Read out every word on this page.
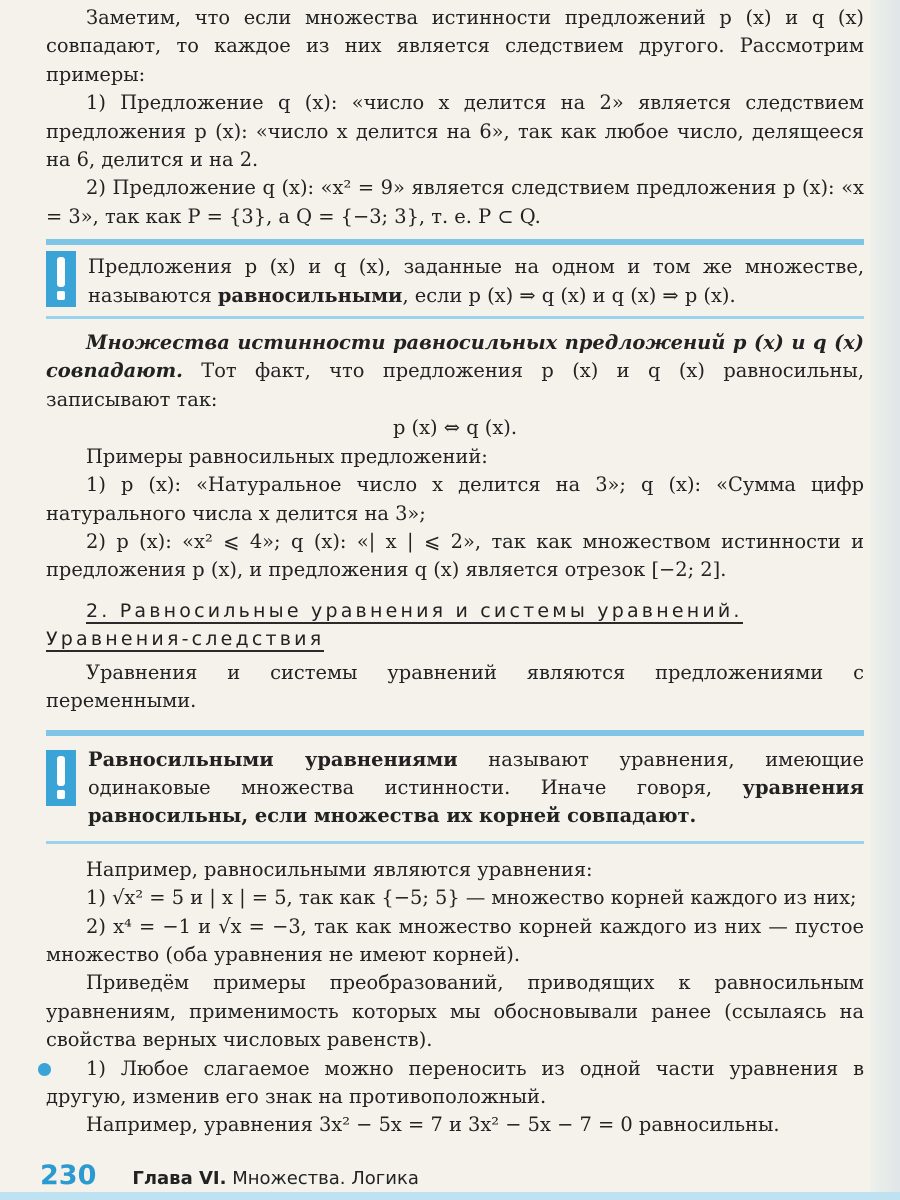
Заметим, что если множества истинности предложений p (x) и q (x) совпадают, то каждое из них является следствием другого. Рассмотрим примеры:

1) Предложение q (x): «число x делится на 2» является следствием предложения p (x): «число x делится на 6», так как любое число, делящееся на 6, делится и на 2.

2) Предложение q (x): «x² = 9» является следствием предложения p (x): «x = 3», так как P = {3}, а Q = {−3; 3}, т. е. P ⊂ Q.

Предложения p (x) и q (x), заданные на одном и том же множестве, называются равносильными, если p (x) ⇒ q (x) и q (x) ⇒ p (x).

Множества истинности равносильных предложений p (x) и q (x) совпадают. Тот факт, что предложения p (x) и q (x) равносильны, записывают так:

p (x) ⇔ q (x).

Примеры равносильных предложений:

1) p (x): «Натуральное число x делится на 3»; q (x): «Сумма цифр натурального числа x делится на 3»;

2) p (x): «x² ⩽ 4»; q (x): «| x | ⩽ 2», так как множеством истинности и предложения p (x), и предложения q (x) является отрезок [−2; 2].

2. Равносильные уравнения и системы уравнений.
Уравнения-следствия

Уравнения и системы уравнений являются предложениями с переменными.

Равносильными уравнениями называют уравнения, имеющие одинаковые множества истинности. Иначе говоря, уравнения равносильны, если множества их корней совпадают.

Например, равносильными являются уравнения:

1) √x² = 5 и | x | = 5, так как {−5; 5} — множество корней каждого из них;

2) x⁴ = −1 и √x = −3, так как множество корней каждого из них — пустое множество (оба уравнения не имеют корней).

Приведём примеры преобразований, приводящих к равносильным уравнениям, применимость которых мы обосновывали ранее (ссылаясь на свойства верных числовых равенств).

1) Любое слагаемое можно переносить из одной части уравнения в другую, изменив его знак на противоположный.

Например, уравнения 3x² − 5x = 7 и 3x² − 5x − 7 = 0 равносильны.

230 Глава VI. Множества. Логика
